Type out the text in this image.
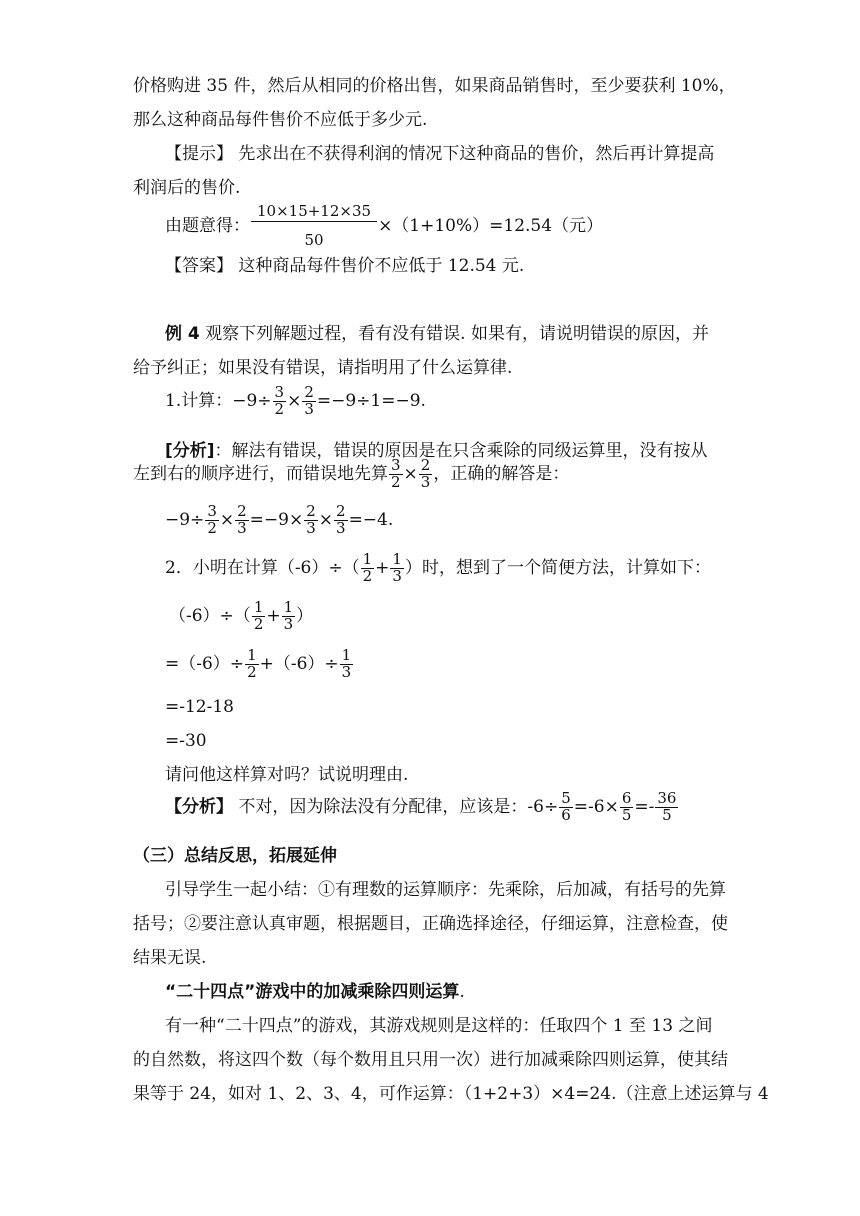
价格购进 35 件，然后从相同的价格出售，如果商品销售时，至少要获利 10%，
那么这种商品每件售价不应低于多少元.
【提示】 先求出在不获得利润的情况下这种商品的售价，然后再计算提高
利润后的售价.
由题意得： $\frac{10\times 15+12\times 35}{50} \times(1+10\%)=12.54$（元）
【答案】 这种商品每件售价不应低于 12.54 元.
例 4 观察下列解题过程，看有没有错误. 如果有，请说明错误的原因，并
给予纠正；如果没有错误，请指明用了什么运算律.
1.计算：$-9\div \frac{3}{2} \times \frac{2}{3} =-9\div 1=-9$.
[分析]：解法有错误，错误的原因是在只含乘除的同级运算里，没有按从
左到右的顺序进行，而错误地先算 $\frac{3}{2} \times \frac{2}{3}$ ，正确的解答是：
$-9\div \frac{3}{2} \times \frac{2}{3} =-9\times \frac{2}{3} \times \frac{2}{3} =-4$.
2．小明在计算$(-6)\div( \frac{1}{2} + \frac{1}{3}$ ）时，想到了一个简便方法，计算如下：
$(-6)\div( \frac{1}{2} + \frac{1}{3}$ ）
$=(-6)\div \frac{1}{2} +(-6)\div \frac{1}{3}$
=-12-18
=-30
请问他这样算对吗？试说明理由.
【分析】 不对，因为除法没有分配律，应该是：$-6\div \frac{5}{6} =-6\times \frac{6}{5} =- \frac{36}{5}$
（三）总结反思，拓展延伸
引导学生一起小结：①有理数的运算顺序：先乘除，后加减，有括号的先算
括号；②要注意认真审题，根据题目，正确选择途径，仔细运算，注意检查，使
结果无误.
“二十四点”游戏中的加减乘除四则运算.
有一种“二十四点”的游戏，其游戏规则是这样的：任取四个 1 至 13 之间
的自然数，将这四个数（每个数用且只用一次）进行加减乘除四则运算，使其结
果等于 24，如对 1、2、3、4，可作运算：（1+2+3）×4=24.（注意上述运算与 4
